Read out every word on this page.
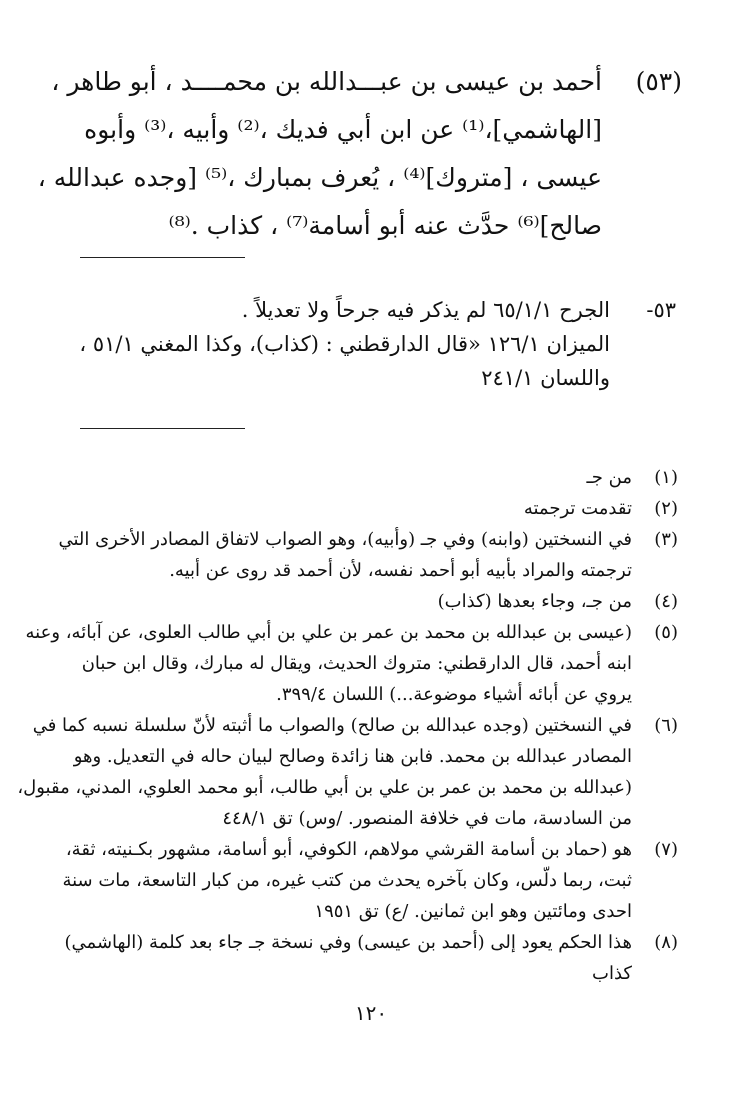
(٥٣)
أحمد بن عيسى بن عبـــدالله بن محمــــد ، أبو طاهر ،
[الهاشمي]،⁽¹⁾ عن ابن أبي فديك ،⁽²⁾ وأبيه ،⁽³⁾ وأبوه
عيسى ، [متروك]⁽⁴⁾ ، يُعرف بمبارك ،⁽⁵⁾ [وجده عبدالله ،
صالح]⁽⁶⁾ حدَّث عنه أبو أسامة⁽⁷⁾ ، كذاب .⁽⁸⁾
٥٣-
الجرح ٦٥/١/١ لم يذكر فيه جرحاً ولا تعديلاً .
الميزان ١٢٦/١ «قال الدارقطني : (كذاب)، وكذا المغني ٥١/١ ،
واللسان ٢٤١/١
(١)
من جـ
(٢)
تقدمت ترجمته
(٣)
في النسختين (وابنه) وفي جـ (وأبيه)، وهو الصواب لاتفاق المصادر الأخرى التي
ترجمته والمراد بأبيه أبو أحمد نفسه، لأن أحمد قد روى عن أبيه.
(٤)
من جـ، وجاء بعدها (كذاب)
(٥)
(عيسى بن عبدالله بن محمد بن عمر بن علي بن أبي طالب العلوى، عن آبائه، وعنه
ابنه أحمد، قال الدارقطني: متروك الحديث، ويقال له مبارك، وقال ابن حبان
يروي عن أبائه أشياء موضوعة...) اللسان ٣٩٩/٤.
(٦)
في النسختين (وجده عبدالله بن صالح) والصواب ما أثبته لأنّ سلسلة نسبه كما في
المصادر عبدالله بن محمد. فابن هنا زائدة وصالح لبيان حاله في التعديل. وهو
(عبدالله بن محمد بن عمر بن علي بن أبي طالب، أبو محمد العلوي، المدني، مقبول،
من السادسة، مات في خلافة المنصور. /وس) تق ٤٤٨/١
(٧)
هو (حماد بن أسامة القرشي مولاهم، الكوفي، أبو أسامة، مشهور بكـنيته، ثقة،
ثبت، ربما دلّس، وكان بآخره يحدث من كتب غيره، من كبار التاسعة، مات سنة
احدى ومائتين وهو ابن ثمانين. /ع) تق ١٩٥١
(٨)
هذا الحكم يعود إلى (أحمد بن عيسى) وفي نسخة جـ جاء بعد كلمة (الهاشمي)
كذاب
١٢٠
